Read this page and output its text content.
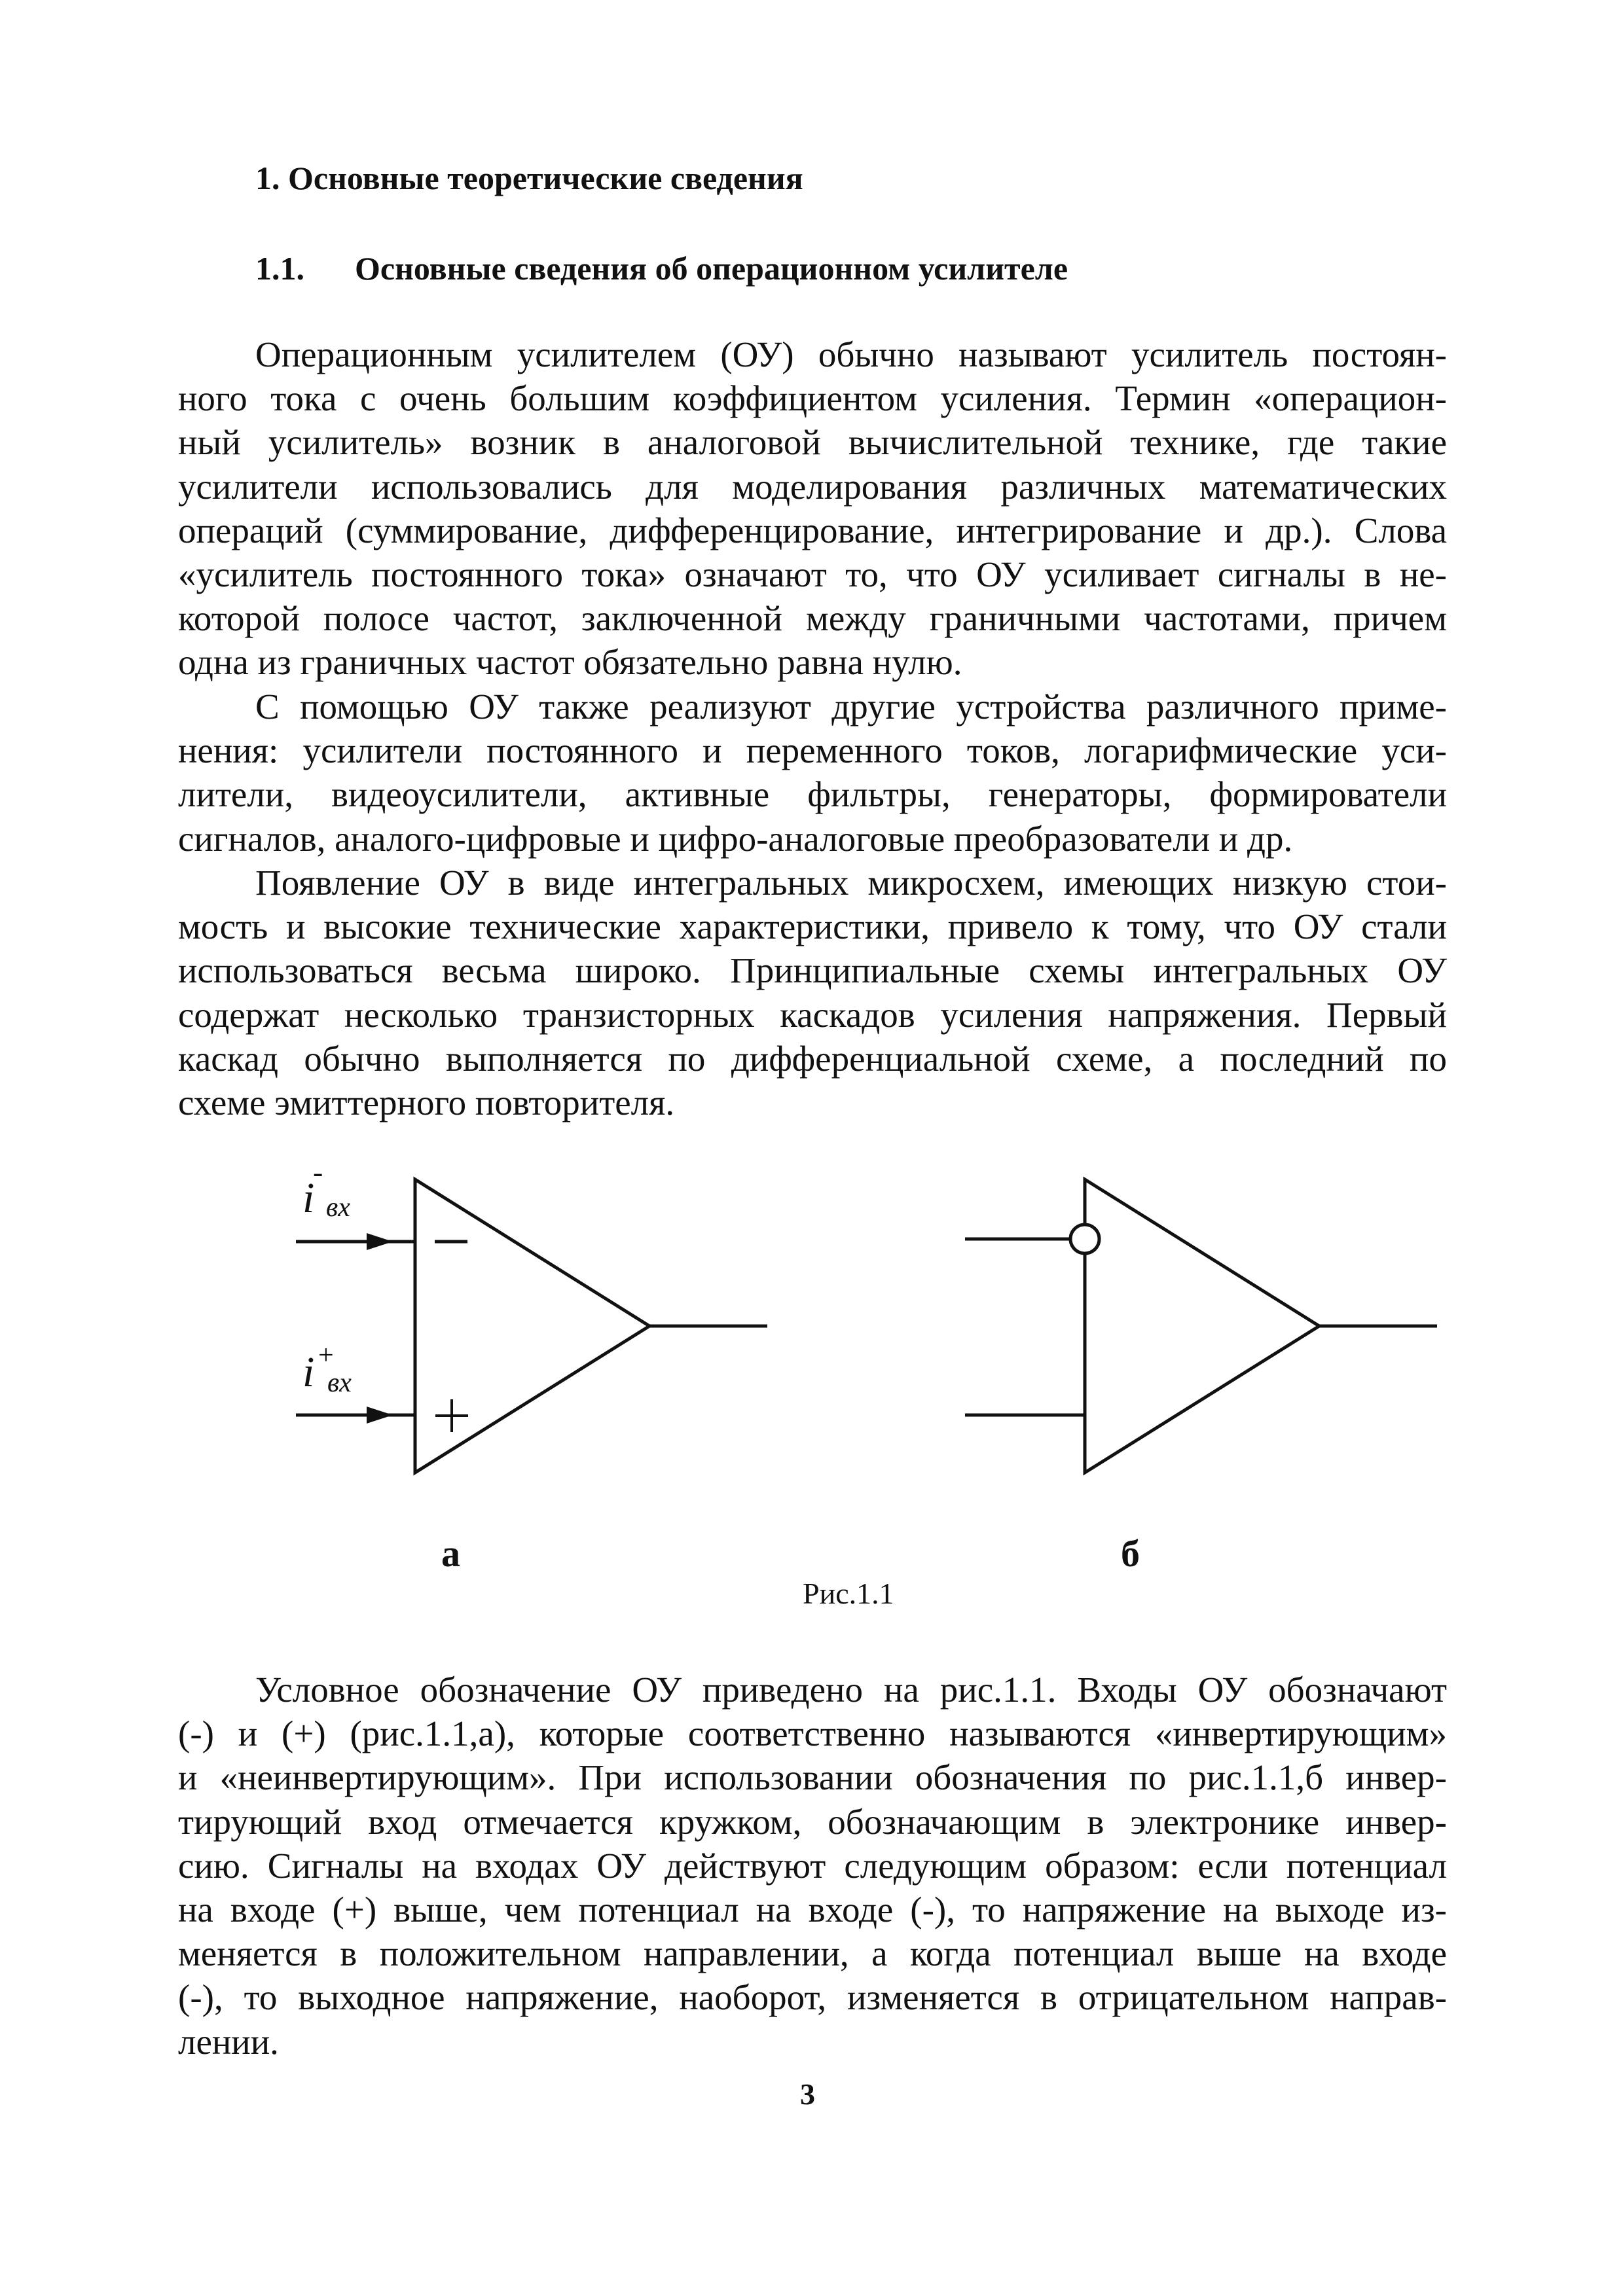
1. Основные теоретические сведения
1.1. Основные сведения об операционном усилителе
Операционным усилителем (ОУ) обычно называют усилитель постоян-
ного тока с очень большим коэффициентом усиления. Термин «операцион-
ный усилитель» возник в аналоговой вычислительной технике, где такие
усилители использовались для моделирования различных математических
операций (суммирование, дифференцирование, интегрирование и др.). Слова
«усилитель постоянного тока» означают то, что ОУ усиливает сигналы в не-
которой полосе частот, заключенной между граничными частотами, причем
одна из граничных частот обязательно равна нулю.
С помощью ОУ также реализуют другие устройства различного приме-
нения: усилители постоянного и переменного токов, логарифмические уси-
лители, видеоусилители, активные фильтры, генераторы, формирователи
сигналов, аналого-цифровые и цифро-аналоговые преобразователи и др.
Появление ОУ в виде интегральных микросхем, имеющих низкую стои-
мость и высокие технические характеристики, привело к тому, что ОУ стали
использоваться весьма широко. Принципиальные схемы интегральных ОУ
содержат несколько транзисторных каскадов усиления напряжения. Первый
каскад обычно выполняется по дифференциальной схеме, а последний по
схеме эмиттерного повторителя.
i
-
вх
i +
вх
а	б
Рис.1.1
Условное обозначение ОУ приведено на рис.1.1. Входы ОУ обозначают
(-) и (+) (рис.1.1,а), которые соответственно называются «инвертирующим»
и «неинвертирующим». При использовании обозначения по рис.1.1,б инвер-
тирующий вход отмечается кружком, обозначающим в электронике инвер-
сию. Сигналы на входах ОУ действуют следующим образом: если потенциал
на входе (+) выше, чем потенциал на входе (-), то напряжение на выходе из-
меняется в положительном направлении, а когда потенциал выше на входе
(-), то выходное напряжение, наоборот, изменяется в отрицательном направ-
лении.
3
